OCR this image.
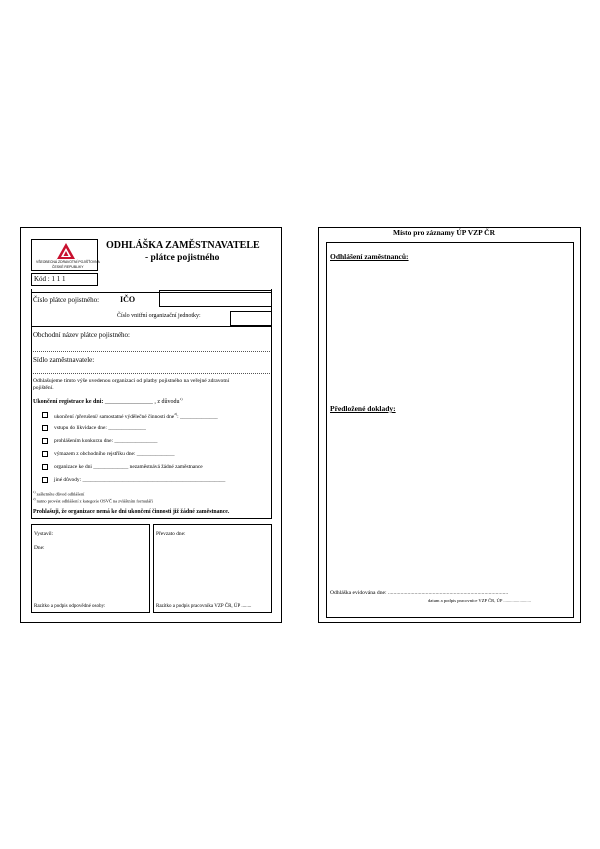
VŠEOBECNÁ ZDRAVOTNÍ POJIŠŤOVNA
ČESKÉ REPUBLIKY
ODHLÁŠKA ZAMĚSTNAVATELE
- plátce pojistného
Kód : 1 1 1
Číslo plátce pojistného:	IČO
Číslo vnitřní organizační jednotky:
Obchodní název plátce pojistného:
Sídlo zaměstnavatele:
Odhlašujeme tímto výše uvedenou organizaci od platby pojistného na veřejné zdravotní
pojištění.
Ukončení registrace ke dni: ________________ , z důvodu$^{1)}$
ukončení /přerušení/ samostatné výdělečné činnosti dne$^{2)}$: ______________
vstupu do likvidace dne: ______________
prohlášením konkurzu dne: ________________
výmazem z obchodního rejstříku dne: ______________
organizace ke dni _____________ nezaměstnává žádné zaměstnance
jiné důvody: _____________________________________________________
$^{1)}$ zaškrtněte důvod odhlášení
$^{2)}$ nutno provést odhlášení z kategorie OSVČ na zvláštním formuláři
Prohlašuji, že organizace nemá ke dni ukončení činnosti již žádné zaměstnance.
Vystavil:
Dne:
Razítko a podpis odpovědné osoby:
Převzato dne:
Razítko a podpis pracovníka VZP ČR, ÚP ........
Místo pro záznamy ÚP VZP ČR
Odhlášení zaměstnanců:
Předložené doklady:
Odhláška evidována dne: ......................................................................................
datum a podpis pracovníce VZP ČR, ÚP ........................
